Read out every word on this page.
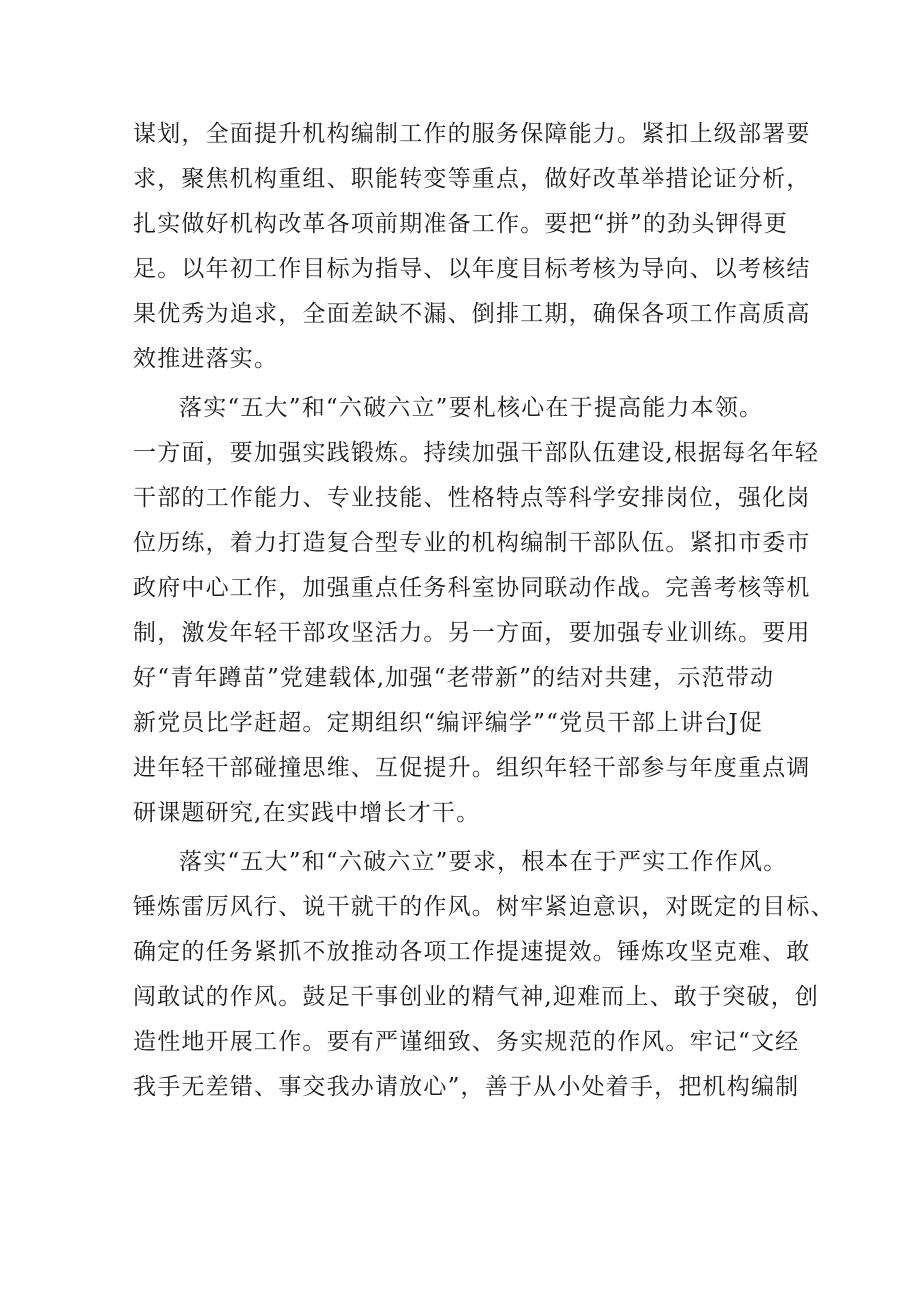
谋划，全面提升机构编制工作的服务保障能力。紧扣上级部署要
求，聚焦机构重组、职能转变等重点，做好改革举措论证分析，
扎实做好机构改革各项前期准备工作。要把“拼”的劲头钾得更
足。以年初工作目标为指导、以年度目标考核为导向、以考核结
果优秀为追求，全面差缺不漏、倒排工期，确保各项工作高质高
效推进落实。
落实“五大”和“六破六立”要札核心在于提高能力本领。
一方面，要加强实践锻炼。持续加强干部队伍建设,根据每名年轻
干部的工作能力、专业技能、性格特点等科学安排岗位，强化岗
位历练，着力打造复合型专业的机构编制干部队伍。紧扣市委市
政府中心工作，加强重点任务科室协同联动作战。完善考核等机
制，激发年轻干部攻坚活力。另一方面，要加强专业训练。要用
好“青年蹲苗”党建载体,加强“老带新”的结对共建，示范带动
新党员比学赶超。定期组织“编评编学”“党员干部上讲台J促
进年轻干部碰撞思维、互促提升。组织年轻干部参与年度重点调
研课题研究,在实践中增长才干。
落实“五大”和“六破六立”要求，根本在于严实工作作风。
锤炼雷厉风行、说干就干的作风。树牢紧迫意识，对既定的目标、
确定的任务紧抓不放推动各项工作提速提效。锤炼攻坚克难、敢
闯敢试的作风。鼓足干事创业的精气神,迎难而上、敢于突破，创
造性地开展工作。要有严谨细致、务实规范的作风。牢记“文经
我手无差错、事交我办请放心”，善于从小处着手，把机构编制
